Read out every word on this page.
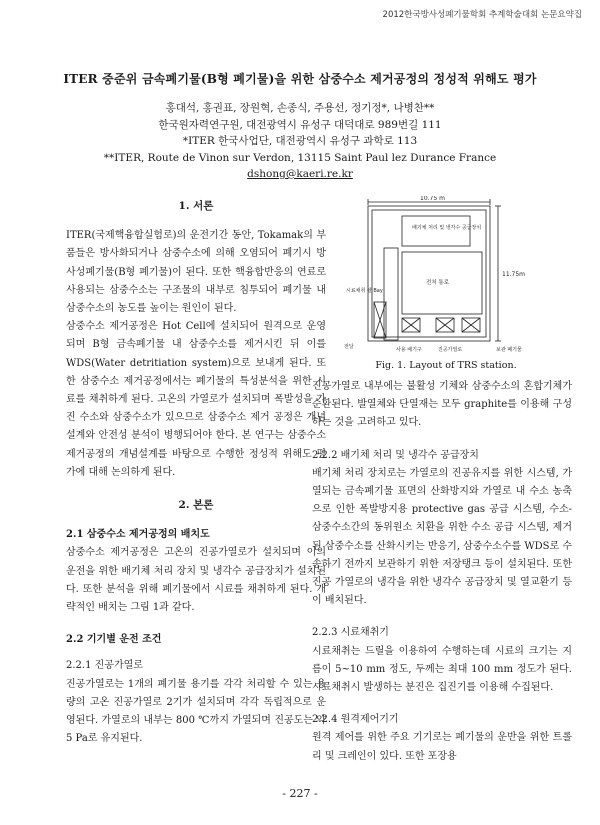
2012한국방사성폐기물학회 추계학술대회 논문요약집
ITER 중준위 금속폐기물(B형 폐기물)을 위한 삼중수소 제거공정의 정성적 위해도 평가
홍대석, 홍권표, 장원혁, 손종식, 주용선, 정기정*, 나병찬**
한국원자력연구원, 대전광역시 유성구 대덕대로 989번길 111
*ITER 한국사업단, 대전광역시 유성구 과학로 113
**ITER, Route de Vinon sur Verdon, 13115 Saint Paul lez Durance France
dshong@kaeri.re.kr
1. 서론

ITER(국제핵융합실험로)의 운전기간 동안, Tokamak의 부품들은 방사화되거나 삼중수소에 의해 오염되어 폐기시 방사성폐기물(B형 폐기물)이 된다. 또한 핵융합반응의 연료로 사용되는 삼중수소는 구조물의 내부로 침투되어 폐기물 내 삼중수소의 농도를 높이는 원인이 된다.

삼중수소 제거공정은 Hot Cell에 설치되어 원격으로 운영되며 B형 금속폐기물 내 삼중수소를 제거시킨 뒤 이를 WDS(Water detritiation system)으로 보내게 된다. 또한 삼중수소 제거공정에서는 폐기물의 특성분석을 위한 시료를 채취하게 된다. 고온의 가열로가 설치되며 폭발성을 가진 수소와 삼중수소가 있으므로 삼중수소 제거 공정은 개념설계와 안전성 분석이 병행되어야 한다. 본 연구는 삼중수소 제거공정의 개념설계를 바탕으로 수행한 정성적 위해도 평가에 대해 논의하게 된다.

2. 본론
2.1 삼중수소 제거공정의 배치도

삼중수소 제거공정은 고온의 진공가열로가 설치되며 이의 운전을 위한 배기체 처리 장치 및 냉각수 공급장치가 설치된다. 또한 분석을 위해 폐기물에서 시료를 채취하게 된다. 개략적인 배치는 그림 1과 같다.

2.2 기기별 운전 조건
2.2.1 진공가열로

진공가열로는 1개의 폐기물 용기를 각각 처리할 수 있는 용량의 고온 진공가열로 2기가 설치되며 각각 독립적으로 운영된다. 가열로의 내부는 800 ℃까지 가열되며 진공도는 약 5 Pa로 유지된다.

10.75 m
11.75m
배기체 처리 및 냉각수 공급장치
전처 통로
시료채취 셀 Bay
전달	사용 배기구	진공가열로	보관 폐기물
Fig. 1. Layout of TRS station.

진공가열로 내부에는 불활성 기체와 삼중수소의 혼합기체가 순환된다. 발열체와 단열재는 모두 graphite를 이용해 구성하는 것을 고려하고 있다.

2.2.2 배기체 처리 및 냉각수 공급장치

배기체 처리 장치로는 가열로의 진공유지를 위한 시스템, 가열되는 금속폐기물 표면의 산화방지와 가열로 내 수소 농축으로 인한 폭발방지용 protective gas 공급 시스템, 수소-삼중수소간의 동위원소 치환을 위한 수소 공급 시스템, 제거된 삼중수소를 산화시키는 반응기, 삼중수소수를 WDS로 수송하기 전까지 보관하기 위한 저장탱크 등이 설치된다. 또한 진공 가열로의 냉각을 위한 냉각수 공급장치 및 열교환기 등이 배치된다.

2.2.3 시료채취기

시료채취는 드릴을 이용하여 수행하는데 시료의 크기는 지름이 5~10 mm 정도, 두께는 최대 100 mm 정도가 된다. 시료채취시 발생하는 분진은 집진기를 이용해 수집된다.

2.2.4 원격제어기기

원격 제어를 위한 주요 기기로는 폐기물의 운반을 위한 트롤리 및 크레인이 있다. 또한 포장용

- 227 -
